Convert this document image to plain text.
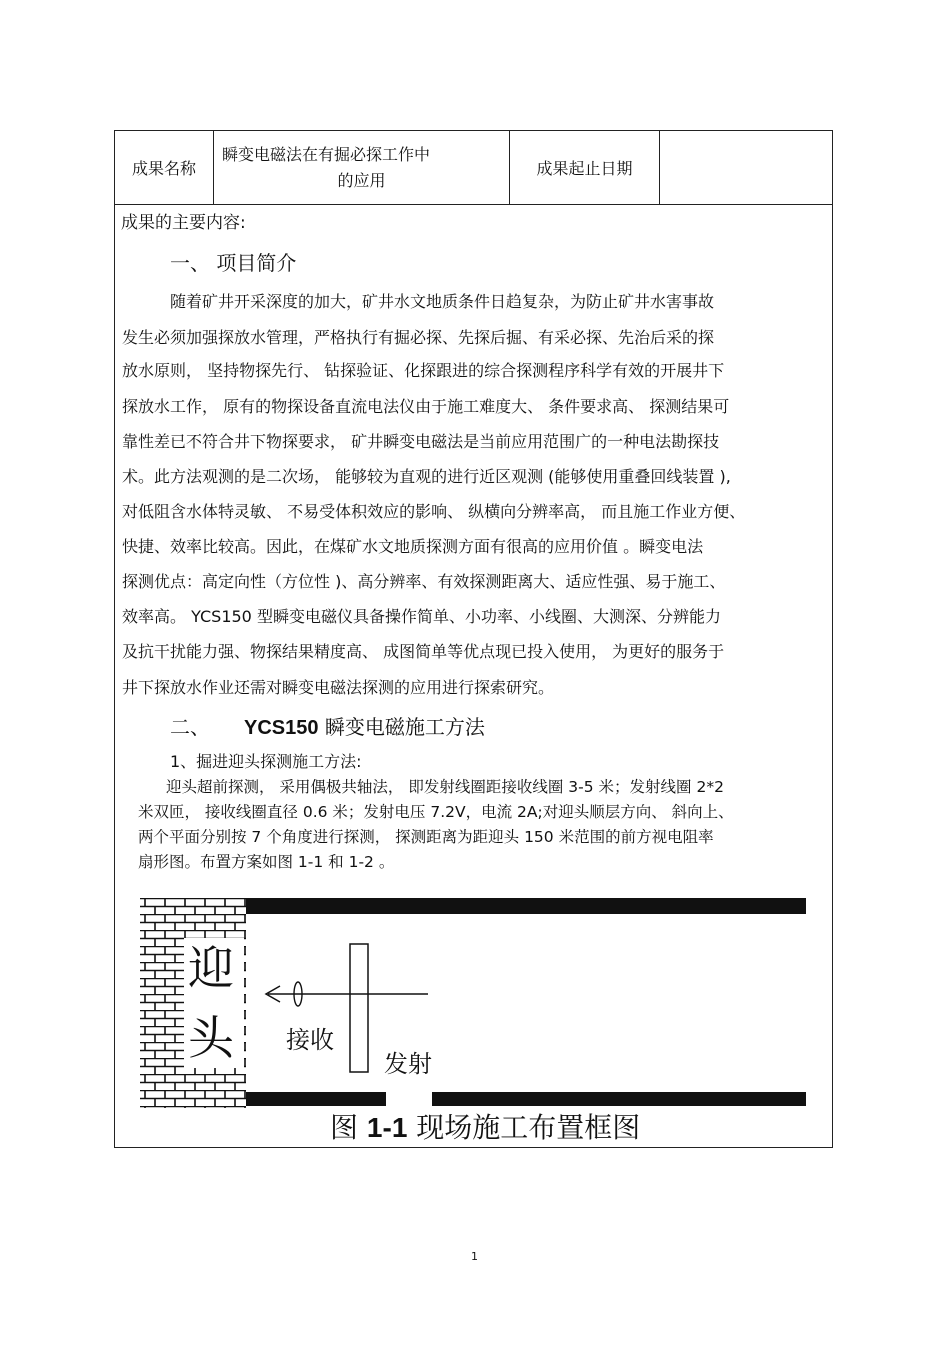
成果名称
瞬变电磁法在有掘必探工作中
的应用
成果起止日期
成果的主要内容:
一、 项目简介
随着矿井开采深度的加大，矿井水文地质条件日趋复杂，为防止矿井水害事故
发生必须加强探放水管理，严格执行有掘必探、先探后掘、有采必探、先治后采的探
放水原则， 坚持物探先行、 钻探验证、化探跟进的综合探测程序科学有效的开展井下
探放水工作， 原有的物探设备直流电法仪由于施工难度大、 条件要求高、 探测结果可
靠性差已不符合井下物探要求， 矿井瞬变电磁法是当前应用范围广的一种电法勘探技
术。此方法观测的是二次场， 能够较为直观的进行近区观测 (能够使用重叠回线装置 ),
对低阻含水体特灵敏、 不易受体积效应的影响、 纵横向分辨率高， 而且施工作业方便、
快捷、效率比较高。因此，在煤矿水文地质探测方面有很高的应用价值 。瞬变电法
探测优点：高定向性（方位性 )、高分辨率、有效探测距离大、适应性强、易于施工、
效率高。 YCS150 型瞬变电磁仪具备操作简单、小功率、小线圈、大测深、分辨能力
及抗干扰能力强、物探结果精度高、 成图简单等优点现已投入使用， 为更好的服务于
井下探放水作业还需对瞬变电磁法探测的应用进行探索研究。
二、 YCS150 瞬变电磁施工方法
1、掘进迎头探测施工方法:
迎头超前探测， 采用偶极共轴法， 即发射线圈距接收线圈 3-5 米；发射线圈 2*2
米双匝， 接收线圈直径 0.6 米；发射电压 7.2V，电流 2A;对迎头顺层方向、 斜向上、
两个平面分别按 7 个角度进行探测， 探测距离为距迎头 150 米范围的前方视电阻率
扇形图。布置方案如图 1-1 和 1-2 。
迎
头 接收
发射
图 1-1 现场施工布置框图
1
